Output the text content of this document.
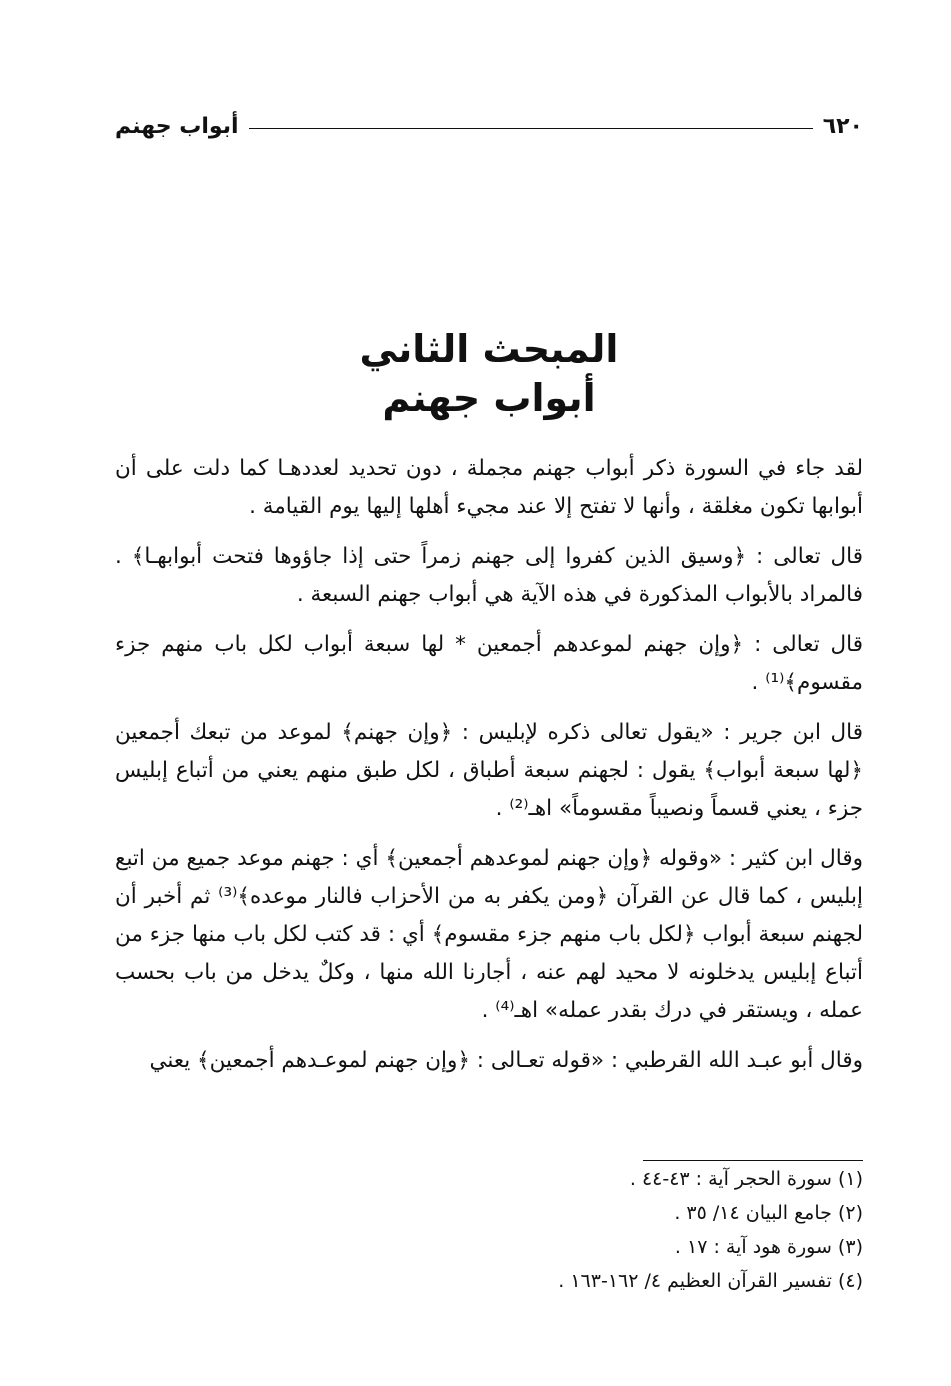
٦٢٠
أبواب جهنم
المبحث الثاني
أبواب جهنم

لقد جاء في السورة ذكر أبواب جهنم مجملة ، دون تحديد لعددهـا كما دلت على أن أبوابها تكون مغلقة ، وأنها لا تفتح إلا عند مجيء أهلها إليها يوم القيامة .

قال تعالى : ﴿وسيق الذين كفروا إلى جهنم زمراً حتى إذا جاؤوها فتحت أبوابهـا﴾ . فالمراد بالأبواب المذكورة في هذه الآية هي أبواب جهنم السبعة .

قال تعالى : ﴿وإن جهنم لموعدهم أجمعين * لها سبعة أبواب لكل باب منهم جزء مقسوم﴾⁽¹⁾ .

قال ابن جرير : «يقول تعالى ذكره لإبليس : ﴿وإن جهنم﴾ لموعد من تبعك أجمعين ﴿لها سبعة أبواب﴾ يقول : لجهنم سبعة أطباق ، لكل طبق منهم يعني من أتباع إبليس جزء ، يعني قسماً ونصيباً مقسوماً» اهـ⁽²⁾ .

وقال ابن كثير : «وقوله ﴿وإن جهنم لموعدهم أجمعين﴾ أي : جهنم موعد جميع من اتبع إبليس ، كما قال عن القرآن ﴿ومن يكفر به من الأحزاب فالنار موعده﴾⁽³⁾ ثم أخبر أن لجهنم سبعة أبواب ﴿لكل باب منهم جزء مقسوم﴾ أي : قد كتب لكل باب منها جزء من أتباع إبليس يدخلونه لا محيد لهم عنه ، أجارنا الله منها ، وكلٌ يدخل من باب بحسب عمله ، ويستقر في درك بقدر عمله» اهـ⁽⁴⁾ .

وقال أبو عبـد الله القرطبي : «قوله تعـالى : ﴿وإن جهنم لموعـدهم أجمعين﴾ يعني

(١) سورة الحجر آية : ٤٣-٤٤ .
(٢) جامع البيان ١٤/ ٣٥ .
(٣) سورة هود آية : ١٧ .
(٤) تفسير القرآن العظيم ٤/ ١٦٢-١٦٣ .
